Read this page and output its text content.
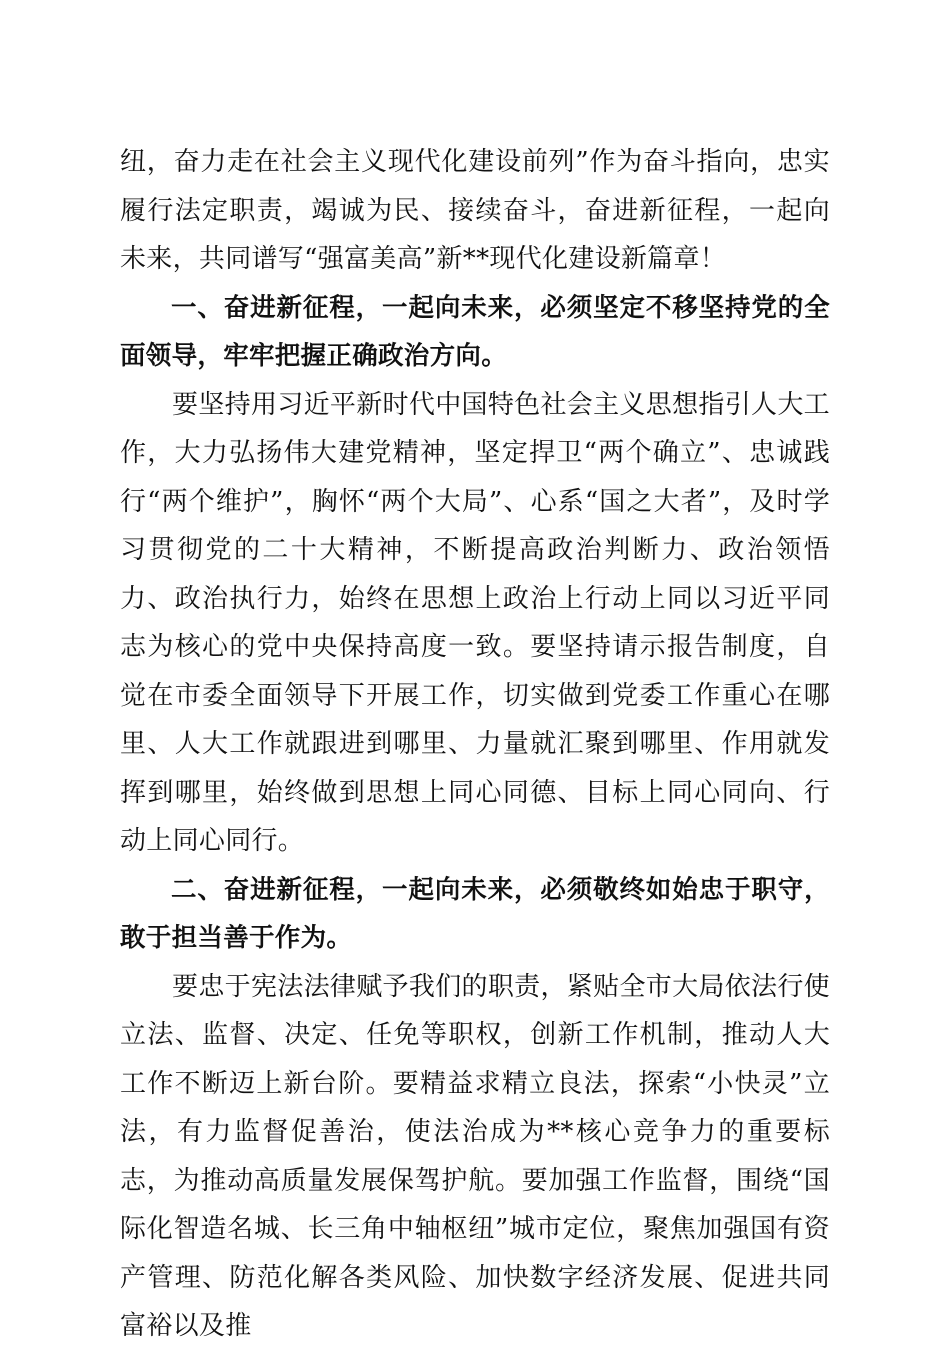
纽，奋力走在社会主义现代化建设前列”作为奋斗指向，忠实履行法定职责，竭诚为民、接续奋斗，奋进新征程，一起向未来，共同谱写“强富美高”新**现代化建设新篇章！

一、奋进新征程，一起向未来，必须坚定不移坚持党的全面领导，牢牢把握正确政治方向。

要坚持用习近平新时代中国特色社会主义思想指引人大工作，大力弘扬伟大建党精神，坚定捍卫“两个确立”、忠诚践行“两个维护”，胸怀“两个大局”、心系“国之大者”，及时学习贯彻党的二十大精神，不断提高政治判断力、政治领悟力、政治执行力，始终在思想上政治上行动上同以习近平同志为核心的党中央保持高度一致。要坚持请示报告制度，自觉在市委全面领导下开展工作，切实做到党委工作重心在哪里、人大工作就跟进到哪里、力量就汇聚到哪里、作用就发挥到哪里，始终做到思想上同心同德、目标上同心同向、行动上同心同行。

二、奋进新征程，一起向未来，必须敬终如始忠于职守，敢于担当善于作为。

要忠于宪法法律赋予我们的职责，紧贴全市大局依法行使立法、监督、决定、任免等职权，创新工作机制，推动人大工作不断迈上新台阶。要精益求精立良法，探索“小快灵”立法，有力监督促善治，使法治成为**核心竞争力的重要标志，为推动高质量发展保驾护航。要加强工作监督，围绕“国际化智造名城、长三角中轴枢纽”城市定位，聚焦加强国有资产管理、防范化解各类风险、加快数字经济发展、促进共同富裕以及推
